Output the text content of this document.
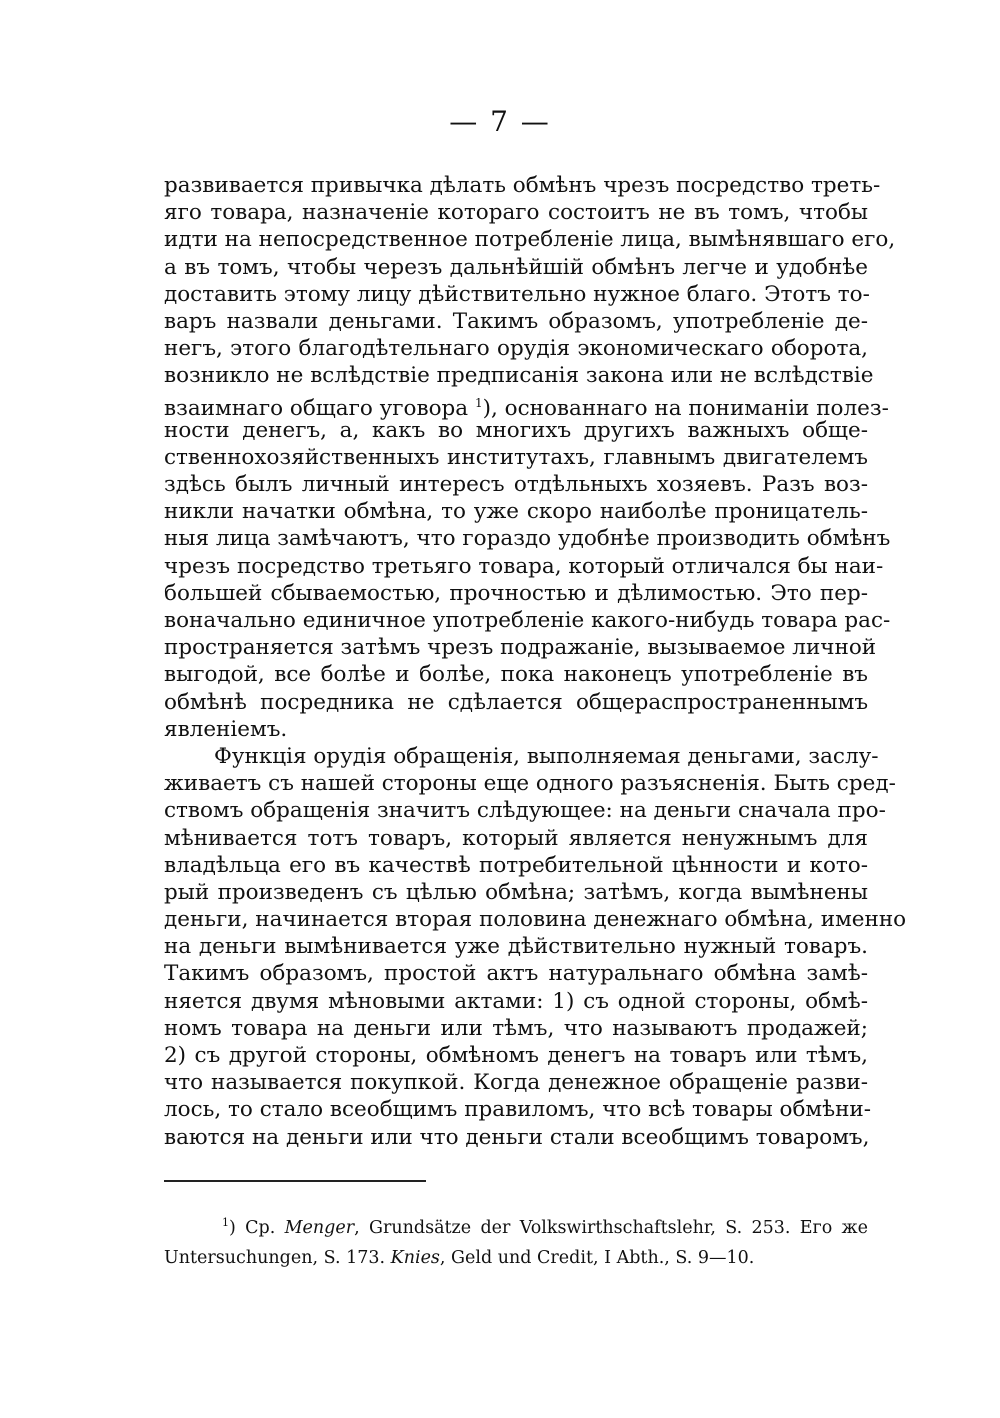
— 7 —
развивается привычка дѣлать обмѣнъ чрезъ посредство треть-
яго товара, назначеніе котораго состоитъ не въ томъ, чтобы
идти на непосредственное потребленіе лица, вымѣнявшаго его,
а въ томъ, чтобы черезъ дальнѣйшій обмѣнъ легче и удобнѣе
доставить этому лицу дѣйствительно нужное благо. Этотъ то-
варъ назвали деньгами. Такимъ образомъ, употребленіе де-
негъ, этого благодѣтельнаго орудія экономическаго оборота,
возникло не вслѣдствіе предписанія закона или не вслѣдствіе
взаимнаго общаго уговора $^1$), основаннаго на пониманіи полез-
ности денегъ, а, какъ во многихъ другихъ важныхъ обще-
ственнохозяйственныхъ институтахъ, главнымъ двигателемъ
здѣсь былъ личный интересъ отдѣльныхъ хозяевъ. Разъ воз-
никли начатки обмѣна, то уже скоро наиболѣе проницатель-
ныя лица замѣчаютъ, что гораздо удобнѣе производить обмѣнъ
чрезъ посредство третьяго товара, который отличался бы наи-
большей сбываемостью, прочностью и дѣлимостью. Это пер-
воначально единичное употребленіе какого-нибудь товара рас-
пространяется затѣмъ чрезъ подражаніе, вызываемое личной
выгодой, все болѣе и болѣе, пока наконецъ употребленіе въ
обмѣнѣ посредника не сдѣлается общераспространеннымъ
явленіемъ.
Функція орудія обращенія, выполняемая деньгами, заслу-
живаетъ съ нашей стороны еще одного разъясненія. Быть сред-
ствомъ обращенія значитъ слѣдующее: на деньги сначала про-
мѣнивается тотъ товаръ, который является ненужнымъ для
владѣльца его въ качествѣ потребительной цѣнности и кото-
рый произведенъ съ цѣлью обмѣна; затѣмъ, когда вымѣнены
деньги, начинается вторая половина денежнаго обмѣна, именно
на деньги вымѣнивается уже дѣйствительно нужный товаръ.
Такимъ образомъ, простой актъ натуральнаго обмѣна замѣ-
няется двумя мѣновыми актами: 1) съ одной стороны, обмѣ-
номъ товара на деньги или тѣмъ, что называютъ продажей;
2) съ другой стороны, обмѣномъ денегъ на товаръ или тѣмъ,
что называется покупкой. Когда денежное обращеніе разви-
лось, то стало всеобщимъ правиломъ, что всѣ товары обмѣни-
ваются на деньги или что деньги стали всеобщимъ товаромъ,
$^1$) Ср. Menger, Grundsätze der Volkswirthschaftslehr, S. 253. Его же
Untersuchungen, S. 173. Knies, Geld und Credit, I Abth., S. 9—10.
